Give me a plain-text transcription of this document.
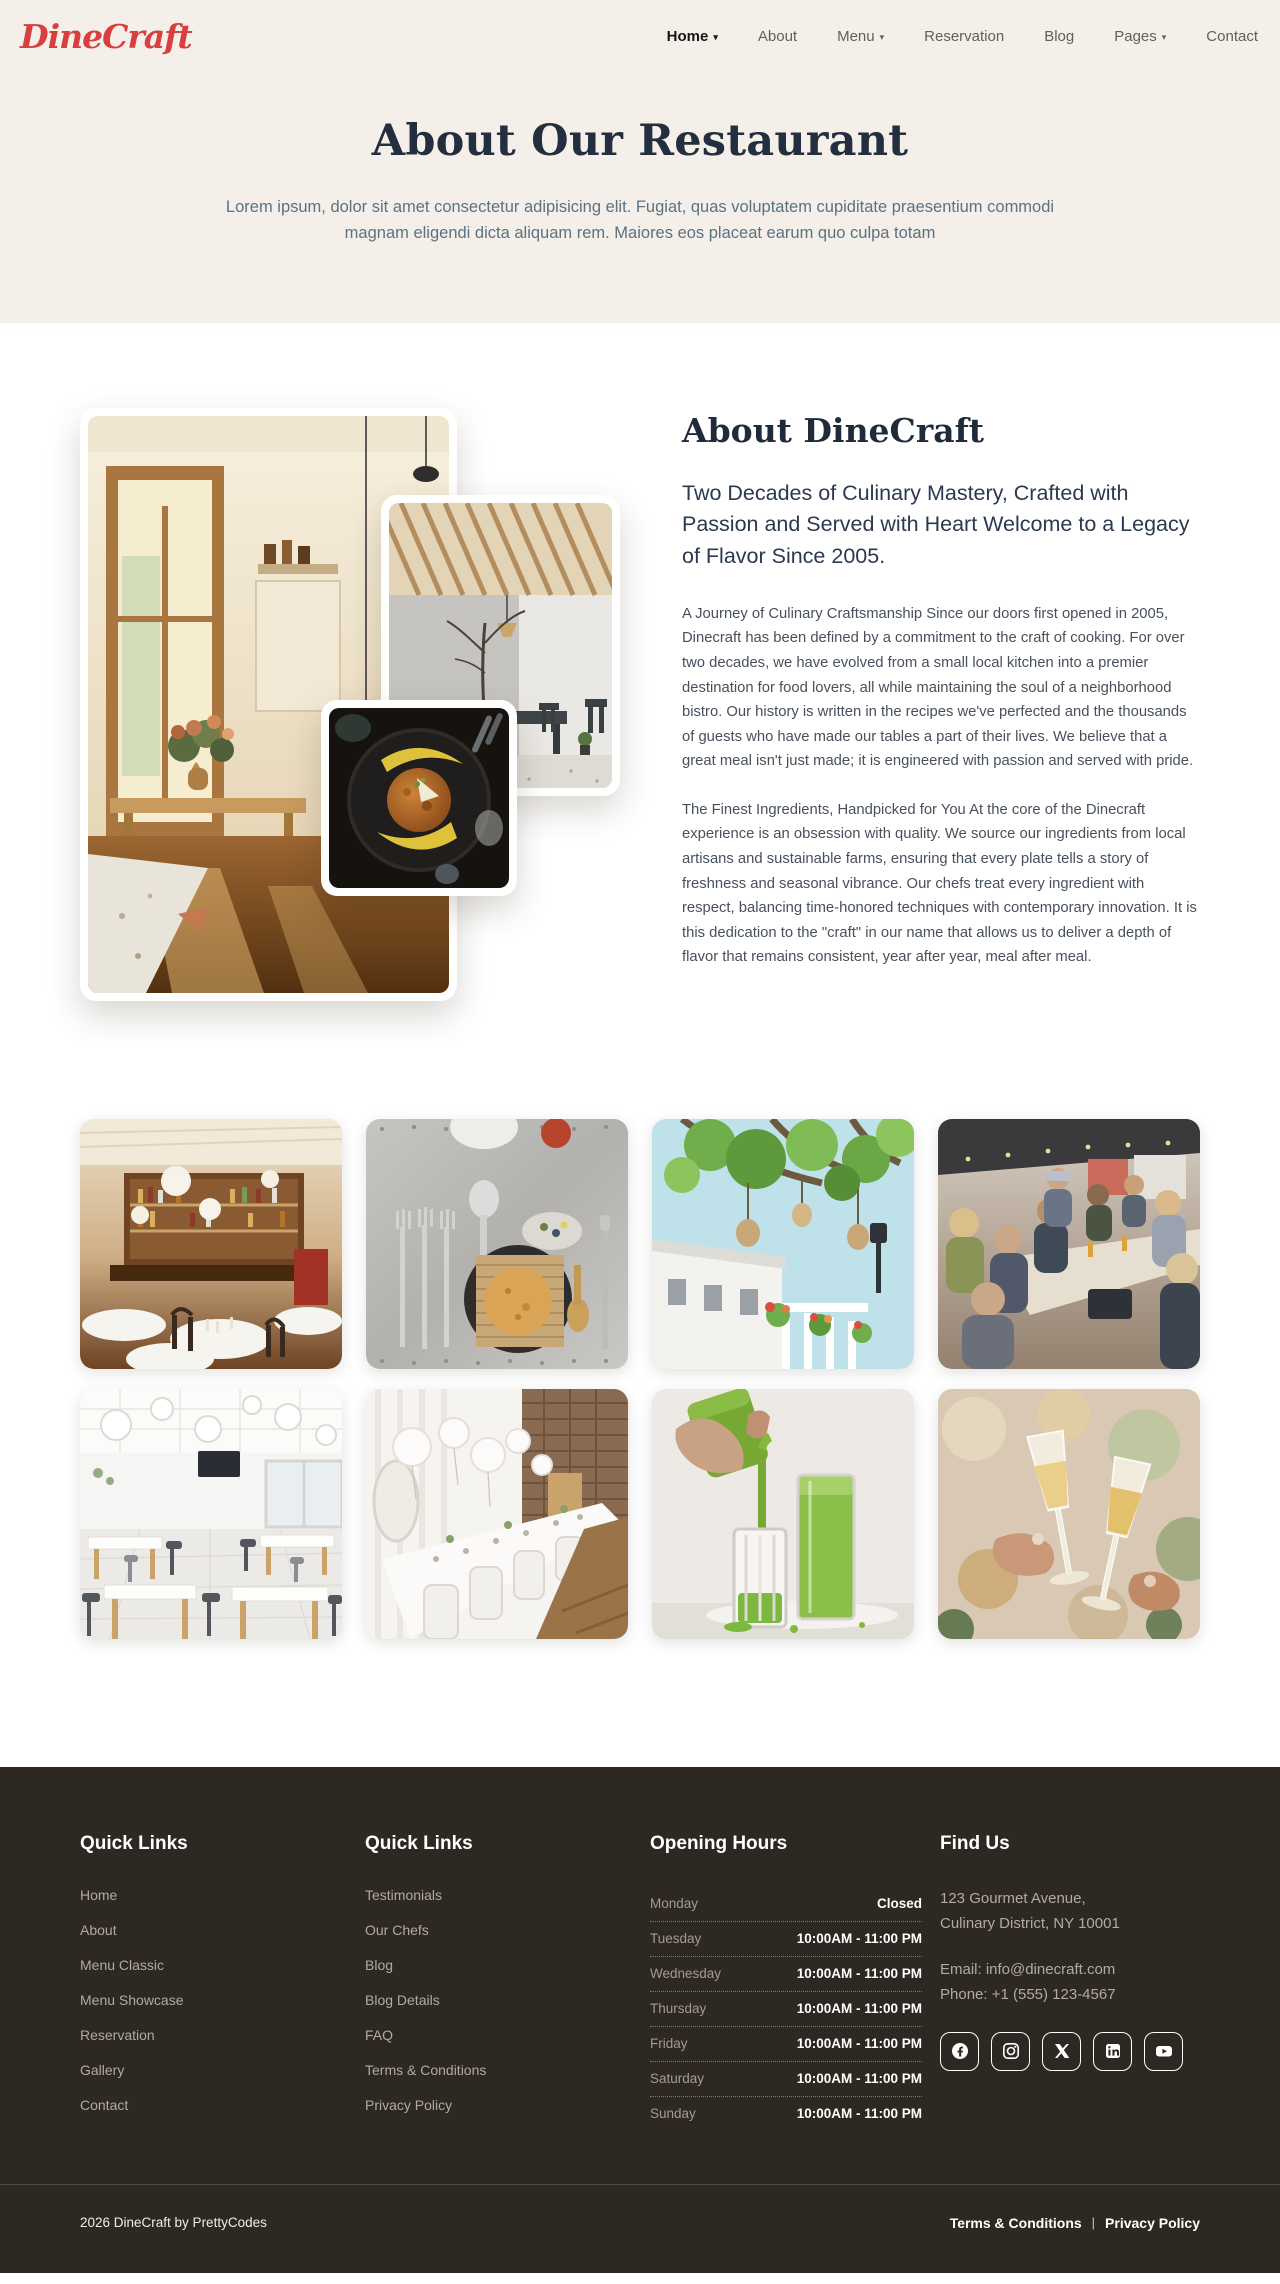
DineCraft	Home ▾	About	Menu ▾	Reservation	Blog	Pages ▾	Contact
About Our Restaurant

Lorem ipsum, dolor sit amet consectetur adipisicing elit. Fugiat, quas voluptatem cupiditate praesentium commodi magnam eligendi dicta aliquam rem. Maiores eos placeat earum quo culpa totam

About DineCraft
Two Decades of Culinary Mastery, Crafted with Passion and Served with Heart Welcome to a Legacy of Flavor Since 2005.

A Journey of Culinary Craftsmanship Since our doors first opened in 2005, Dinecraft has been defined by a commitment to the craft of cooking. For over two decades, we have evolved from a small local kitchen into a premier destination for food lovers, all while maintaining the soul of a neighborhood bistro. Our history is written in the recipes we've perfected and the thousands of guests who have made our tables a part of their lives. We believe that a great meal isn't just made; it is engineered with passion and served with pride.

The Finest Ingredients, Handpicked for You At the core of the Dinecraft experience is an obsession with quality. We source our ingredients from local artisans and sustainable farms, ensuring that every plate tells a story of freshness and seasonal vibrance. Our chefs treat every ingredient with respect, balancing time-honored techniques with contemporary innovation. It is this dedication to the "craft" in our name that allows us to deliver a depth of flavor that remains consistent, year after year, meal after meal.

Quick Links
Home
About
Menu Classic
Menu Showcase
Reservation
Gallery
Contact
Quick Links
Testimonials
Our Chefs
Blog
Blog Details
FAQ
Terms & Conditions
Privacy Policy
Opening Hours
Monday	Closed
Tuesday	10:00AM - 11:00 PM
Wednesday	10:00AM - 11:00 PM
Thursday	10:00AM - 11:00 PM
Friday	10:00AM - 11:00 PM
Saturday	10:00AM - 11:00 PM
Sunday	10:00AM - 11:00 PM
Find Us

123 Gourmet Avenue,
Culinary District, NY 10001

Email: info@dinecraft.com
Phone: +1 (555) 123-4567

2026 DineCraft by PrettyCodes	Terms & Conditions | Privacy Policy
